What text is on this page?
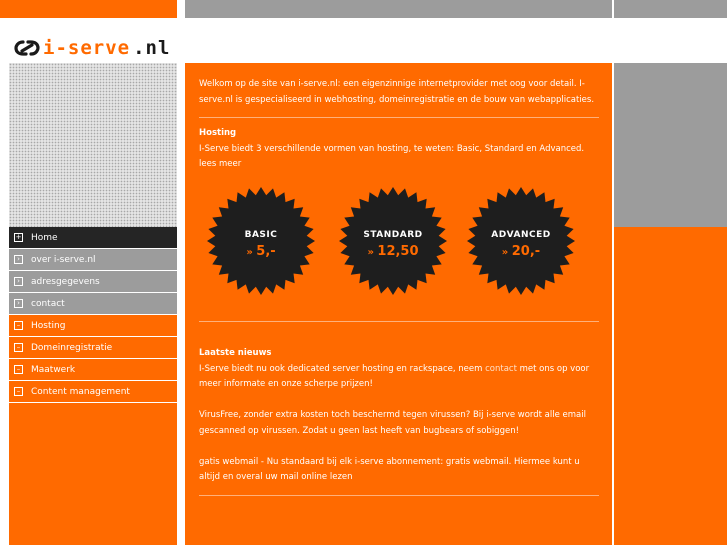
i-serve .nl
+ Home
›	over i-serve.nl
›	adresgegevens
›	contact
–	Hosting
–	Domeinregistratie
–	Maatwerk
–	Content management
Welkom op de site van i-serve.nl: een eigenzinnige internetprovider met oog voor detail. I-serve.nl is gespecialiseerd in webhosting, domeinregistratie en de bouw van webapplicaties.
Hosting
I-Serve biedt 3 verschillende vormen van hosting, te weten: Basic, Standard en Advanced.
lees meer
BASIC
» 5,-
STANDARD
» 12,50
ADVANCED
» 20,-
Laatste nieuws
I-Serve biedt nu ook dedicated server hosting en rackspace, neem contact met ons op voor meer informate en onze scherpe prijzen!

VirusFree, zonder extra kosten toch beschermd tegen virussen? Bij i-serve wordt alle email gescanned op virussen. Zodat u geen last heeft van bugbears of sobiggen!

gatis webmail - Nu standaard bij elk i-serve abonnement: gratis webmail. Hiermee kunt u altijd en overal uw mail online lezen
